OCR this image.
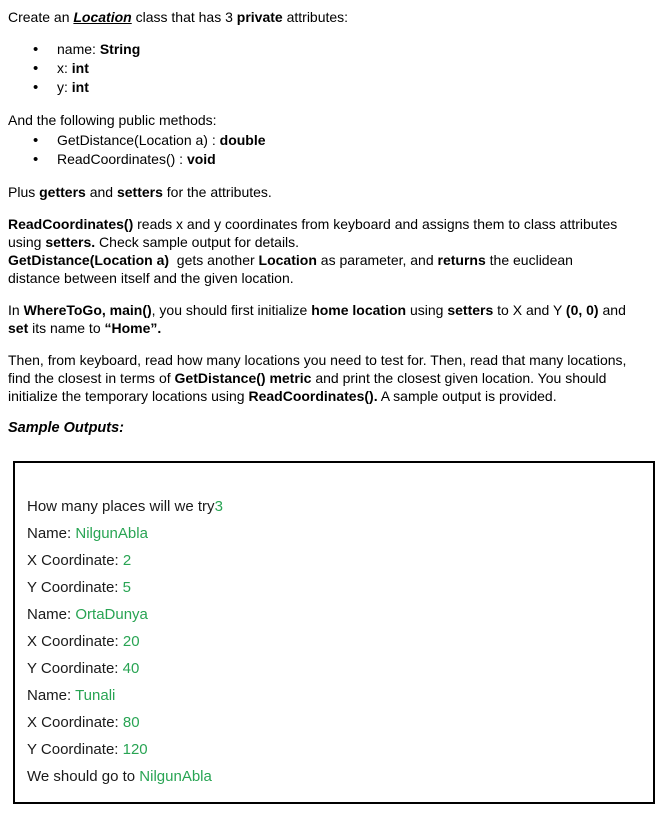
Create an Location class that has 3 private attributes:

• name: String
• x: int
• y: int

And the following public methods:

• GetDistance(Location a) : double
• ReadCoordinates() : void

Plus getters and setters for the attributes.

ReadCoordinates() reads x and y coordinates from keyboard and assigns them to class attributes
using setters. Check sample output for details.
GetDistance(Location a)  gets another Location as parameter, and returns the euclidean
distance between itself and the given location.

In WhereToGo, main(), you should first initialize home location using setters to X and Y (0, 0) and
set its name to “Home”.

Then, from keyboard, read how many locations you need to test for. Then, read that many locations,
find the closest in terms of GetDistance() metric and print the closest given location. You should
initialize the temporary locations using ReadCoordinates(). A sample output is provided.

Sample Outputs:

How many places will we try3
Name: NilgunAbla
X Coordinate: 2
Y Coordinate: 5
Name: OrtaDunya
X Coordinate: 20
Y Coordinate: 40
Name: Tunali
X Coordinate: 80
Y Coordinate: 120
We should go to NilgunAbla
